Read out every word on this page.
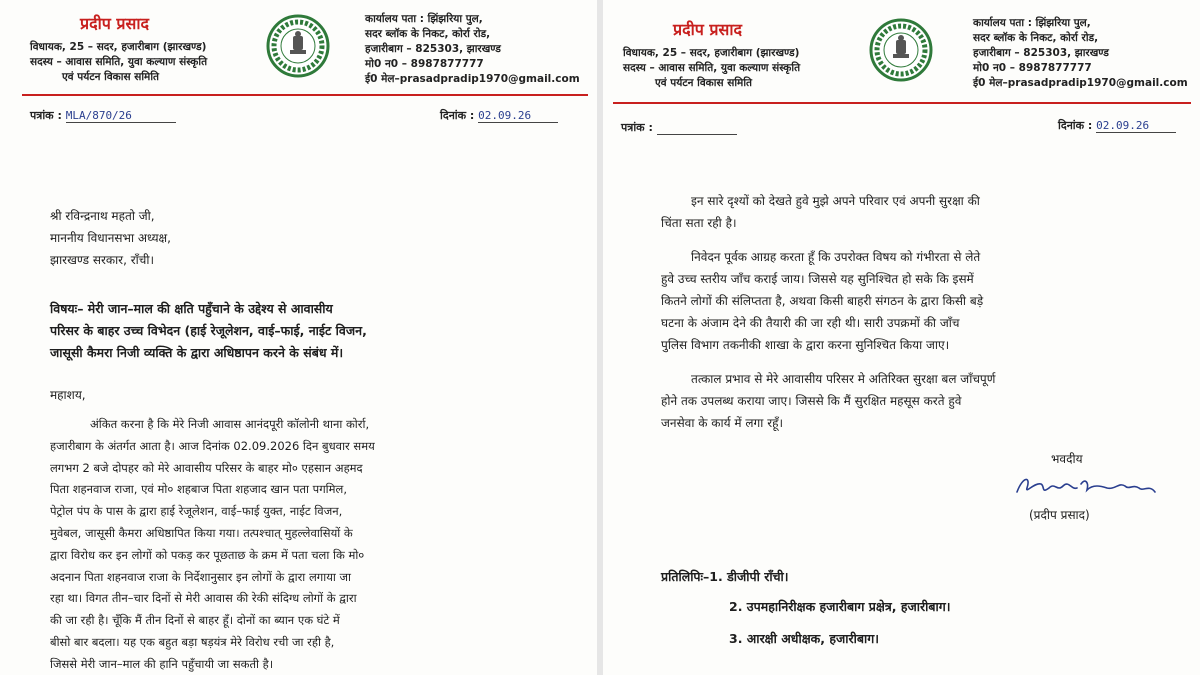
प्रदीप प्रसाद
विधायक, 25 – सदर, हजारीबाग (झारखण्ड)
सदस्य – आवास समिति, युवा कल्याण संस्कृति
एवं पर्यटन विकास समिति
कार्यालय पता : झिंझरिया पुल,
सदर ब्लॉक के निकट, कोर्रा रोड,
हजारीबाग – 825303, झारखण्ड
मो0 न0 – 8987877777
ई0 मेल–prasadpradip1970@gmail.com
पत्रांक : MLA/870/26	दिनांक : 02.09.26
श्री रविन्द्रनाथ महतो जी,
माननीय विधानसभा अध्यक्ष,
झारखण्ड सरकार, राँची।
विषयः– मेरी जान–माल की क्षति पहुँचाने के उद्देश्य से आवासीय
परिसर के बाहर उच्च विभेदन (हाई रेजूलेशन, वाई–फाई, नाईट विजन,
जासूसी कैमरा निजी व्यक्ति के द्वारा अधिष्ठापन करने के संबंध में।
महाशय,
अंकित करना है कि मेरे निजी आवास आनंदपूरी कॉलोनी थाना कोर्रा,
हजारीबाग के अंतर्गत आता है। आज दिनांक 02.09.2026 दिन बुधवार समय
लगभग 2 बजे दोपहर को मेरे आवासीय परिसर के बाहर मो० एहसान अहमद
पिता शहनवाज राजा, एवं मो० शहबाज पिता शहजाद खान पता पगमिल,
पेट्रोल पंप के पास के द्वारा हाई रेजूलेशन, वाई–फाई युक्त, नाईट विजन,
मुवेबल, जासूसी कैमरा अधिष्ठापित किया गया। तत्पश्चात् मुहल्लेवासियों के
द्वारा विरोध कर इन लोगों को पकड़ कर पूछताछ के क्रम में पता चला कि मो०
अदनान पिता शहनवाज राजा के निर्देशानुसार इन लोगों के द्वारा लगाया जा
रहा था। विगत तीन–चार दिनों से मेरी आवास की रेकी संदिग्ध लोगों के द्वारा
की जा रही है। चूँकि मैं तीन दिनों से बाहर हूँ। दोनों का ब्यान एक घंटे में
बीसो बार बदला। यह एक बहुत बड़ा षड़यंत्र मेरे विरोध रची जा रही है,
जिससे मेरी जान–माल की हानि पहुँचायी जा सकती है।
प्रदीप प्रसाद
विधायक, 25 – सदर, हजारीबाग (झारखण्ड)
सदस्य – आवास समिति, युवा कल्याण संस्कृति
एवं पर्यटन विकास समिति
कार्यालय पता : झिंझरिया पुल,
सदर ब्लॉक के निकट, कोर्रा रोड,
हजारीबाग – 825303, झारखण्ड
मो0 न0 – 8987877777
ई0 मेल–prasadpradip1970@gmail.com
पत्रांक :	दिनांक : 02.09.26
इन सारे दृश्यों को देखते हुवे मुझे अपने परिवार एवं अपनी सुरक्षा की
चिंता सता रही है।
निवेदन पूर्वक आग्रह करता हूँ कि उपरोक्त विषय को गंभीरता से लेते
हुवे उच्च स्तरीय जाँच कराई जाय। जिससे यह सुनिश्चित हो सके कि इसमें
कितने लोगों की संलिप्तता है, अथवा किसी बाहरी संगठन के द्वारा किसी बड़े
घटना के अंजाम देने की तैयारी की जा रही थी। सारी उपक्रमों की जाँच
पुलिस विभाग तकनीकी शाखा के द्वारा करना सुनिश्चित किया जाए।
तत्काल प्रभाव से मेरे आवासीय परिसर मे अतिरिक्त सुरक्षा बल जाँचपूर्ण
होने तक उपलब्ध कराया जाए। जिससे कि मैं सुरक्षित महसूस करते हुवे
जनसेवा के कार्य में लगा रहूँ।
भवदीय
(प्रदीप प्रसाद)
प्रतिलिपिः–1. डीजीपी राँची।
2. उपमहानिरीक्षक हजारीबाग प्रक्षेत्र, हजारीबाग।
3. आरक्षी अधीक्षक, हजारीबाग।
